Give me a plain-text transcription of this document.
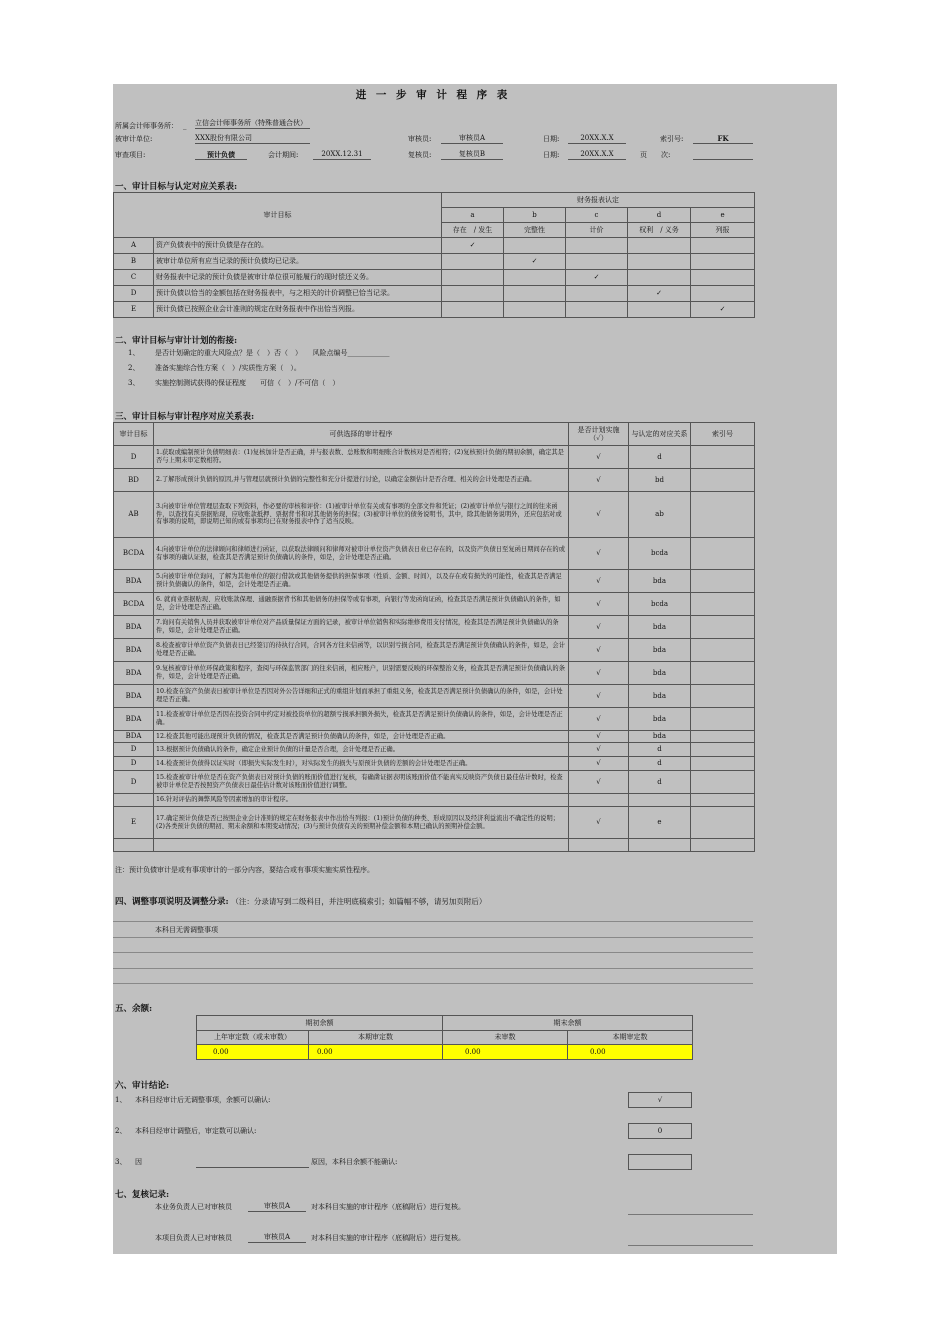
进 一 步 审 计 程 序 表
所属会计师事务所： _ 立信会计师事务所（特殊普通合伙）
被审计单位:	XXX股份有限公司	审核员:	审核员A	日期:	20XX.X.X	索引号:	FK
审查项目:	预计负债	会计期间:	20XX.12.31	复核员:	复核员B	日期:	20XX.X.X	页　　次:
一、审计目标与认定对应关系表:
审计目标		财务报表认定				
		a	b	c	d	e
		存在　/ 发生	完整性	计价	权利　/ 义务	列报
A	资产负债表中的预计负债是存在的。	✓				
B	被审计单位所有应当记录的预计负债均已记录。		✓			
C	财务报表中记录的预计负债是被审计单位很可能履行的现时偿还义务。			✓		
D	预计负债以恰当的金额包括在财务报表中，与之相关的计价调整已恰当记录。				✓	
E	预计负债已按照企业会计准则的规定在财务报表中作出恰当列报。					✓
二、审计目标与审计计划的衔接:
1、 是否计划确定的重大风险点？是（　）否（　）　　风险点编号____________
2、 准备实施综合性方案（　）/实质性方案（　）。
3、 实施控制测试获得的保证程度　　可信（　）/不可信（　）
三、审计目标与审计程序对应关系表:
审计目标	可供选择的审计程序	是否计划实施（✓）	与认定的对应关系	索引号
D	1.获取或编制预计负债明细表：(1)复核加计是否正确，并与报表数、总账数和明细账合计数核对是否相符；(2)复核预计负债的期初余额，确定其是否与上期末审定数相符。	√	d	
BD	2.了解形成预计负债的原因,并与管理层就预计负债的完整性和充分计提进行讨论，以确定金额估计是否合理、相关的会计处理是否正确。	√	bd	
AB	3.向被审计单位管理层查取下列资料，作必要的审核和评价：(1)被审计单位有关或有事项的全部文件和凭证；(2)被审计单位与银行之间的往来函件，以查找有关票据贴现、应收账款抵押、票据背书和对其他债务的担保；(3)被审计单位的债务说明书，其中，除其他债务说明外，还应包括对或有事项的说明，即说明已知的或有事项均已在财务报表中作了适当反映。	√	ab	
BCDA	4.向被审计单位的法律顾问和律师进行函证，以获取法律顾问和律师对被审计单位资产负债表日业已存在的，以及资产负债日至复函日期间存在的或有事项的确认证据，检查其是否满足预计负债确认的条件，如是，会计处理是否正确。	√	bcda	
BDA	5.向被审计单位询问，了解为其他单位的银行借款或其他债务提供的担保事项（性质、金额、时间），以及存在或有损失的可能性，检查其是否满足预计负债确认的条件，如是，会计处理是否正确。	√	bda	
BCDA	6. 就商业票据贴现、应收账款保理、通融票据背书和其他债务的担保等或有事项，向银行等发函询证函，检查其是否满足预计负债确认的条件，如是，会计处理是否正确。	√	bcda	
BDA	7.询问有关销售人员并获取被审计单位对产品质量保证方面的记录，被审计单位销售和实际维修费用支付情况，检查其是否满足预计负债确认的条件，如是，会计处理是否正确。	√	bda	
BDA	8.检查被审计单位资产负债表日已经签订的待执行合同，合同各方往来信函等，以识别亏损合同，检查其是否满足预计负债确认的条件，如是，会计处理是否正确。	√	bda	
BDA	9.复核被审计单位环保政策和程序，查阅与环保监管部门的往来信函，相应账户，识别需要反映的环保整治义务，检查其是否满足预计负债确认的条件，如是，会计处理是否正确。	√	bda	
BDA	10.检查在资产负债表日被审计单位是否因对外公告详细和正式的重组计划而承担了重组义务，检查其是否满足预计负债确认的条件，如是，会计处理是否正确。	√	bda	
BDA	11.检查被审计单位是否因在投资合同中约定对被投资单位的超额亏损承担额外损失，检查其是否满足预计负债确认的条件，如是，会计处理是否正确。	√	bda	
BDA	12.检查其他可能出现预计负债的情况，检查其是否满足预计负债确认的条件，如是，会计处理是否正确。	√	bda	
D	13.根据预计负债确认的条件，确定企业预计负债的计量是否合理，会计处理是否正确。	√	d	
D	14.检查预计负债得以证实时（即损失实际发生时），对实际发生的损失与原预计负债的差额的会计处理是否正确。	√	d	
D	15.检查被审计单位是否在资产负债表日对预计负债的账面价值进行复核，有确凿证据表明该账面价值不能真实反映资产负债日最佳估计数时，检查被审计单位是否按照资产负债表日最佳估计数对该账面价值进行调整。	√	d	
	16.针对评估的舞弊风险等因素增加的审计程序。			
E	17.确定预计负债是否已按照企业会计准则的规定在财务报表中作出恰当列报：(1)预计负债的种类、形成原因以及经济利益流出不确定性的说明；(2)各类预计负债的期初、期末余额和本期变动情况；(3)与预计负债有关的预期补偿金额和本期已确认的预期补偿金额。	√	e	

注：预计负债审计是或有事项审计的一部分内容，要结合或有事项实施实质性程序。
四、调整事项说明及调整分录: （注：分录请写到二级科目，并注明底稿索引；如篇幅不够，请另加页附后）
本科目无需调整事项
五、余额:
期初余额		期末余额	
上年审定数（或未审数）	本期审定数	未审数	本期审定数
0.00	0.00	0.00	0.00
六、审计结论:
1、 本科目经审计后无调整事项，余额可以确认:	√
2、 本科目经审计调整后，审定数可以确认:	0
3、 因	原因，本科目余额不能确认:
七、复核记录:
本业务负责人已对审核员	审核员A	对本科目实施的审计程序（底稿附后）进行复核。
本项目负责人已对审核员	审核员A	对本科目实施的审计程序（底稿附后）进行复核。
